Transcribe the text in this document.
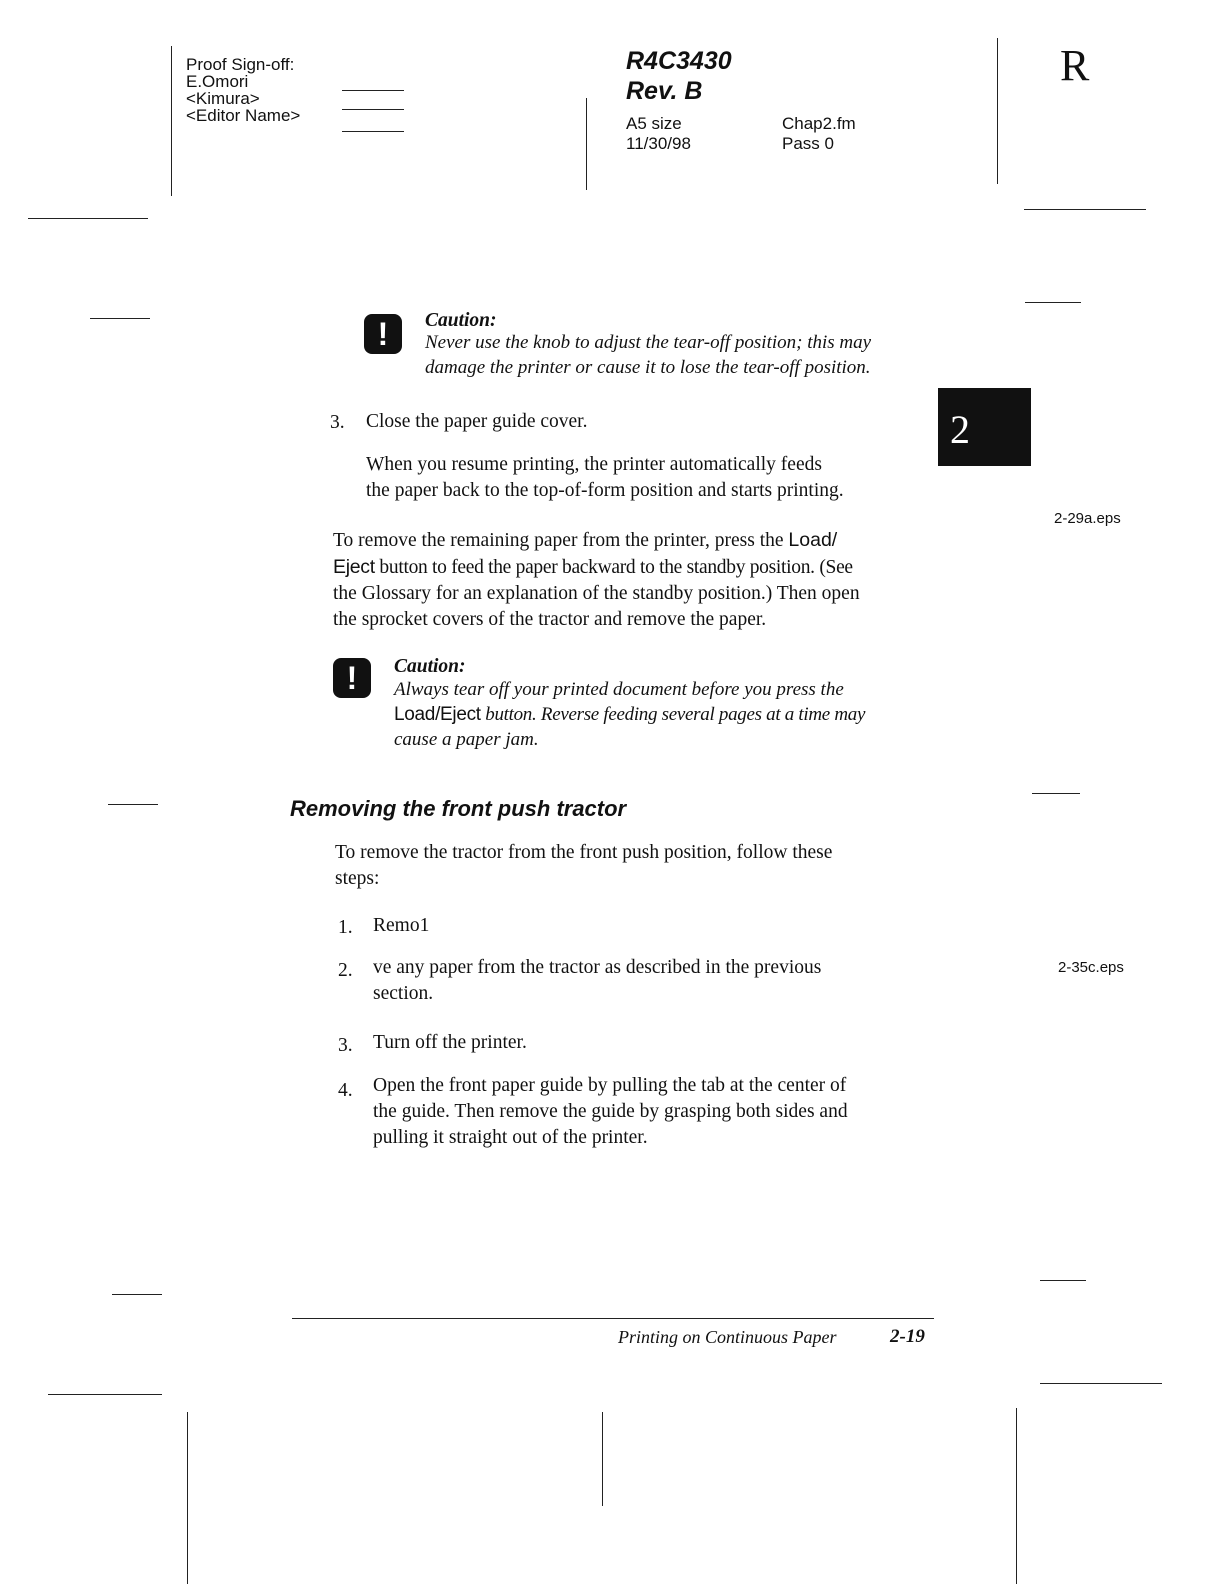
Proof Sign-off:
E.Omori
<Kimura>
<Editor Name>
R4C3430
Rev. B
A5 size
11/30/98
Chap2.fm
Pass 0
R
2
2-29a.eps
2-35c.eps
!	Caution:
Never use the knob to adjust the tear-off position; this may
damage the printer or cause it to lose the tear-off position.
3. Close the paper guide cover.
When you resume printing, the printer automatically feeds
the paper back to the top-of-form position and starts printing.
To remove the remaining paper from the printer, press the Load/
Eject button to feed the paper backward to the standby position. (See
the Glossary for an explanation of the standby position.) Then open
the sprocket covers of the tractor and remove the paper.
!	Caution:
Always tear off your printed document before you press the
Load/Eject button. Reverse feeding several pages at a time may
cause a paper jam.
Removing the front push tractor
To remove the tractor from the front push position, follow these
steps:
1. Remo1
2. ve any paper from the tractor as described in the previous
section.
3. Turn off the printer.
4. Open the front paper guide by pulling the tab at the center of
the guide. Then remove the guide by grasping both sides and
pulling it straight out of the printer.
Printing on Continuous Paper	2-19
